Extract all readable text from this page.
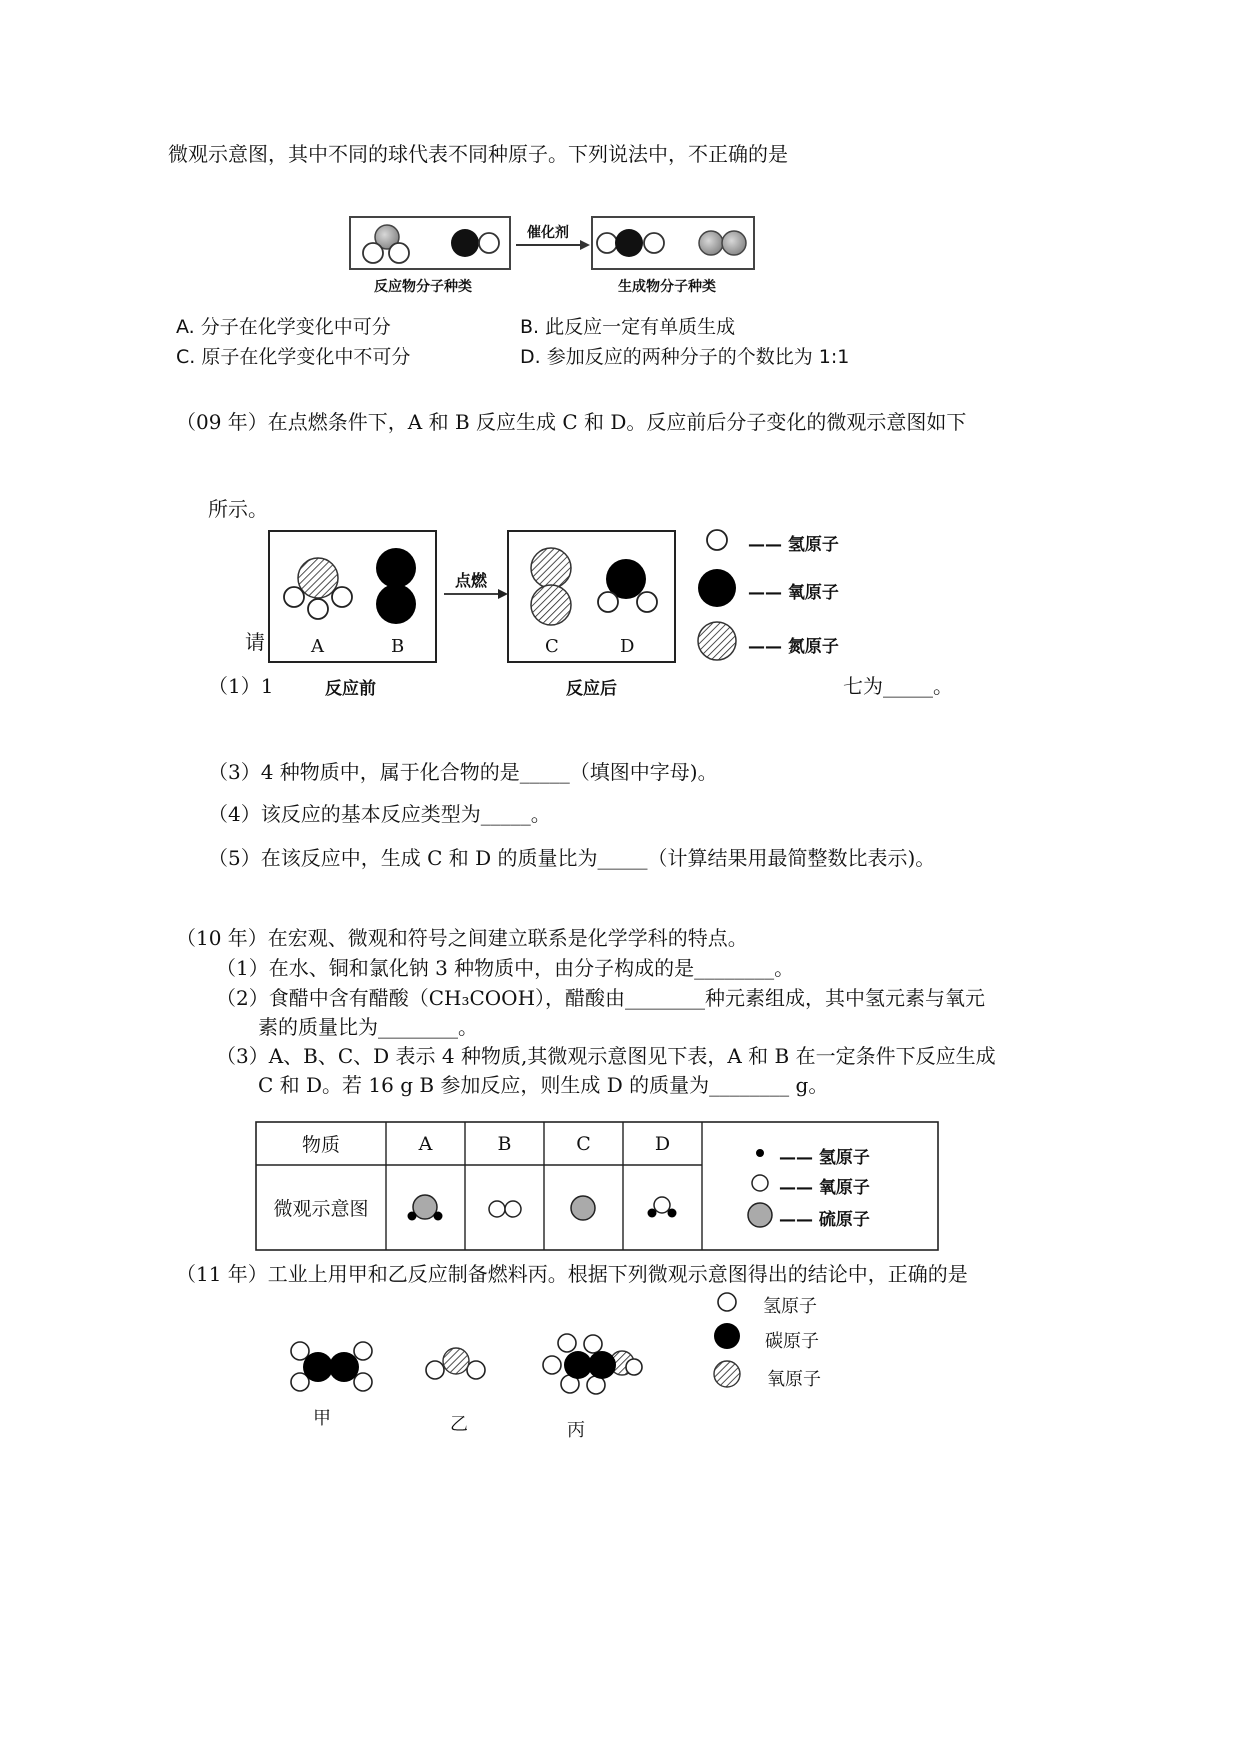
微观示意图，其中不同的球代表不同种原子。下列说法中，不正确的是
催化剂
反应物分子种类	生成物分子种类
A. 分子在化学变化中可分	B. 此反应一定有单质生成
C. 原子在化学变化中不可分	D. 参加反应的两种分子的个数比为 1:1
（09 年）在点燃条件下，A 和 B 反应生成 C 和 D。反应前后分子变化的微观示意图如下
所示。
点燃
A	B	C	D
请
（1）1	反应前	反应后	七为_____。
—— 氢原子
—— 氧原子
—— 氮原子
（3）4 种物质中，属于化合物的是_____（填图中字母)。
（4）该反应的基本反应类型为_____。
（5）在该反应中，生成 C 和 D 的质量比为_____（计算结果用最简整数比表示)。
（10 年）在宏观、微观和符号之间建立联系是化学学科的特点。
（1）在水、铜和氯化钠 3 种物质中，由分子构成的是________。
（2）食醋中含有醋酸（CH₃COOH），醋酸由________种元素组成，其中氢元素与氧元
素的质量比为________。
（3）A、B、C、D 表示 4 种物质,其微观示意图见下表，A 和 B 在一定条件下反应生成
C 和 D。若 16 g B 参加反应，则生成 D 的质量为________ g。
物质	A	B	C	D
微观示意图
—— 氢原子
—— 氧原子
—— 硫原子
（11 年）工业上用甲和乙反应制备燃料丙。根据下列微观示意图得出的结论中，正确的是
氢原子
碳原子
氧原子
甲	乙	丙
